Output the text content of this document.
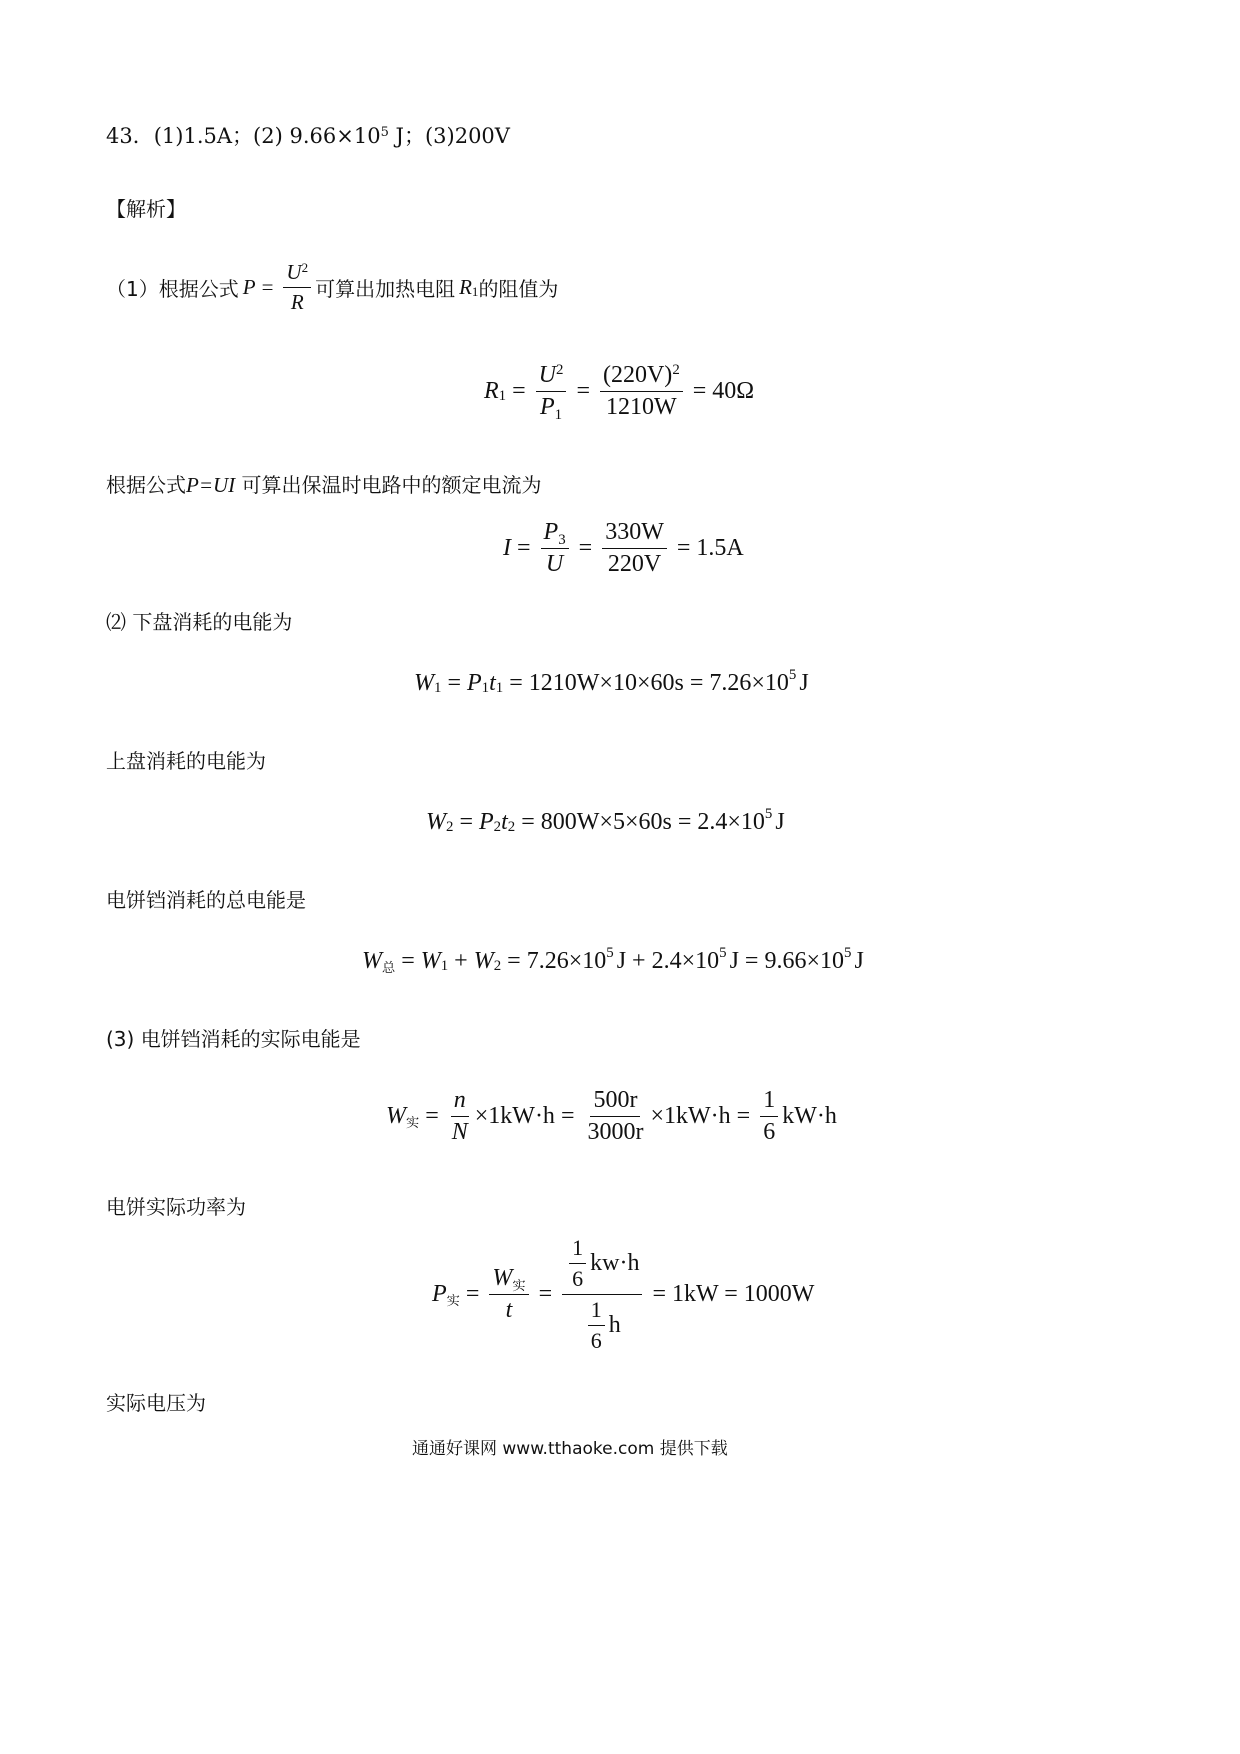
43．(1)1.5A；(2) $9.66\times 10^5$ J；(3)200V
【解析】
（1）根据公式 $P = \frac{U^2}{R}$ 可算出加热电阻 R 1 的阻值为
R $1 = \frac{U^2}{P_1} = \frac{(220V)^2}{1210W} = 40\Omega$
根据公式P=UI 可算出保温时电路中的额定电流为
$I = \frac{P_3}{U} = \frac{330W}{220V} = 1.5A$
⑵ 下盘消耗的电能为
W 1 = P 1 t 1 = 1210W×10×60s = 7.26×10 5 J
上盘消耗的电能为
W 2 = P 2 t 2 = 800W×5×60s = 2.4×10 5 J
电饼铛消耗的总电能是
W 总 = W 1 + W 2 = 7.26×10 5 J + 2.4×10 5 J = 9.66×10 5 J
(3) 电饼铛消耗的实际电能是
W 实 = $\frac{n}{N} \times 1kW\cdot h = \frac{500r}{3000r} \times 1kW\cdot h = \frac{1}{6} kW\cdot h$
电饼实际功率为
P 实 = $\frac{\text{W实}}{t} = \frac{\frac{1}{6} kw\cdot h}{\frac{1}{6} h} = 1kW = 1000W$
实际电压为
通通好课网 www.tthaoke.com 提供下载
